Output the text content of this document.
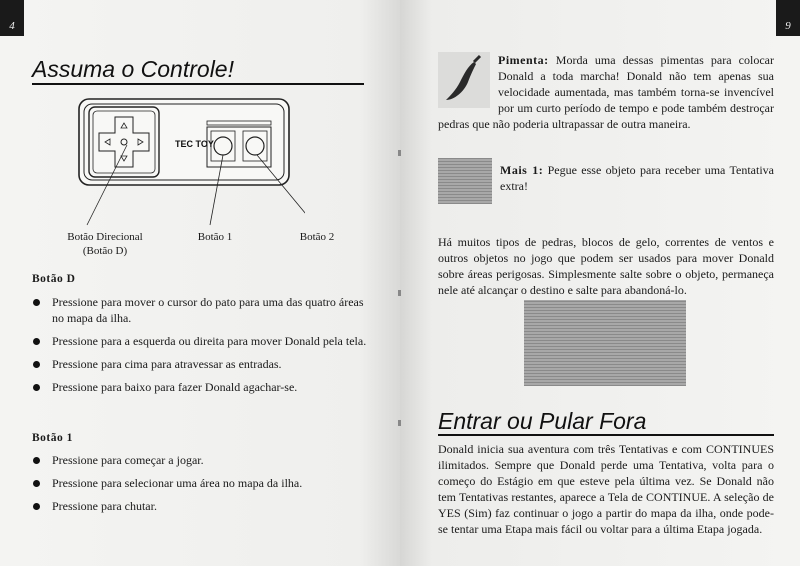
4
Assuma o Controle!
TEC TOY
Botão Direcional
(Botão D)
Botão 1	Botão 2
Botão D
Pressione para mover o cursor do pato para uma das quatro áreas no mapa da ilha.
Pressione para a esquerda ou direita para mover Donald pela tela.
Pressione para cima para atravessar as entradas.
Pressione para baixo para fazer Donald agachar-se.
Botão 1
Pressione para começar a jogar.
Pressione para selecionar uma área no mapa da ilha.
Pressione para chutar.
9
Pimenta: Morda uma dessas pimentas para colocar Donald a toda marcha! Donald não tem apenas sua velocidade aumentada, mas também torna-se invencível por um curto período de tempo e pode também destroçar pedras que não poderia ultrapassar de outra maneira.
Mais 1: Pegue esse objeto para receber uma Tentativa extra!
Há muitos tipos de pedras, blocos de gelo, correntes de ventos e outros objetos no jogo que podem ser usados para mover Donald sobre áreas perigosas. Simplesmente salte sobre o objeto, permaneça nele até alcançar o destino e salte para abandoná-lo.
Entrar ou Pular Fora
Donald inicia sua aventura com três Tentativas e com CONTINUES ilimitados. Sempre que Donald perde uma Tentativa, volta para o começo do Estágio em que esteve pela última vez. Se Donald não tem Tentativas restantes, aparece a Tela de CONTINUE. A seleção de YES (Sim) faz continuar o jogo a partir do mapa da ilha, onde pode-se tentar uma Etapa mais fácil ou voltar para a última Etapa jogada.
